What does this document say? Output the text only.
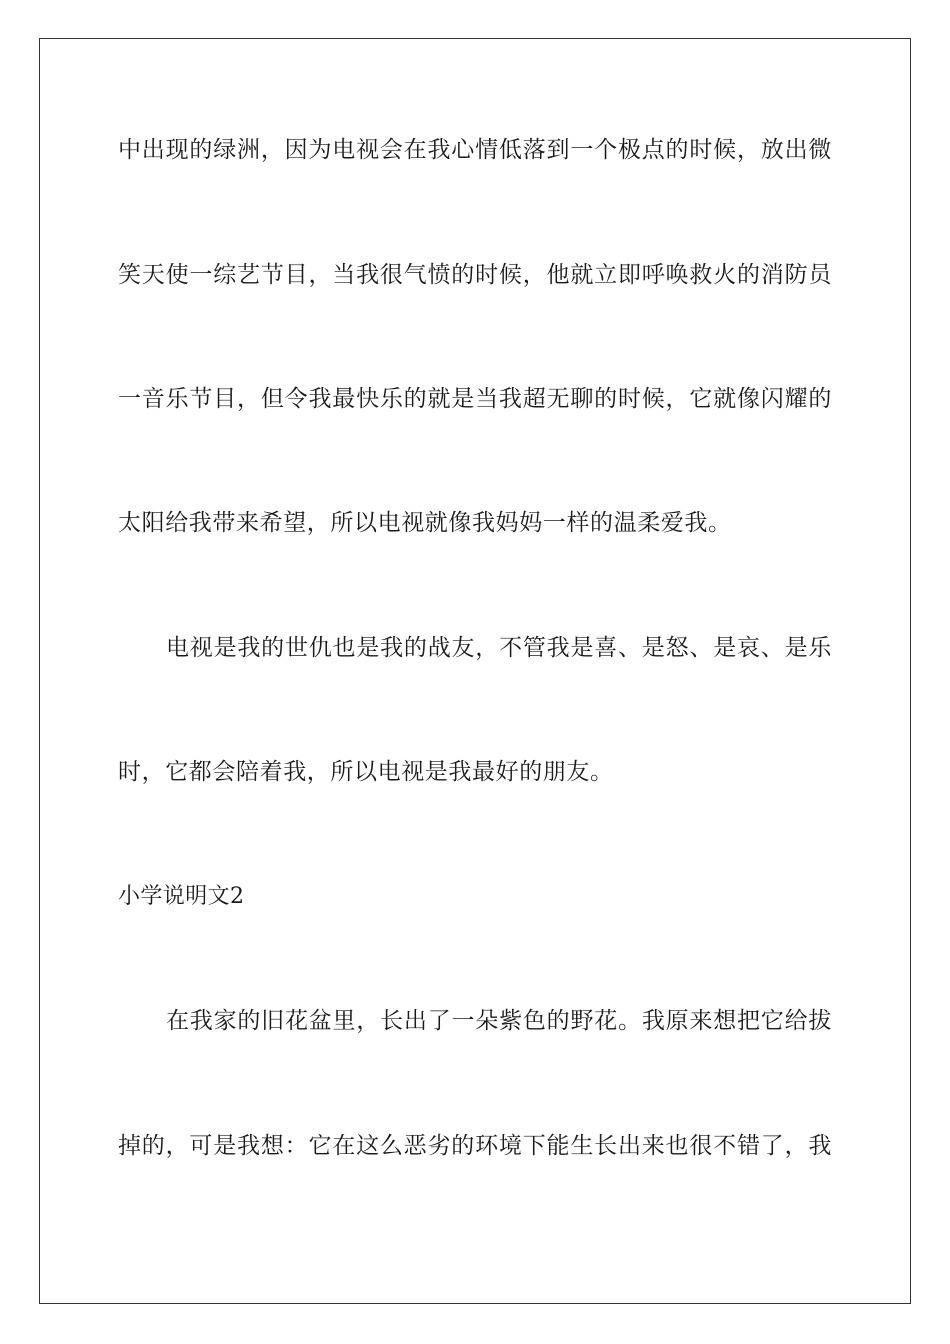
中出现的绿洲，因为电视会在我心情低落到一个极点的时候，放出微
笑天使一综艺节目，当我很气愤的时候，他就立即呼唤救火的消防员
一音乐节目，但令我最快乐的就是当我超无聊的时候，它就像闪耀的
太阳给我带来希望，所以电视就像我妈妈一样的温柔爱我。
电视是我的世仇也是我的战友，不管我是喜、是怒、是哀、是乐
时，它都会陪着我，所以电视是我最好的朋友。
小学说明文2
在我家的旧花盆里，长出了一朵紫色的野花。我原来想把它给拔
掉的，可是我想：它在这么恶劣的环境下能生长出来也很不错了，我
